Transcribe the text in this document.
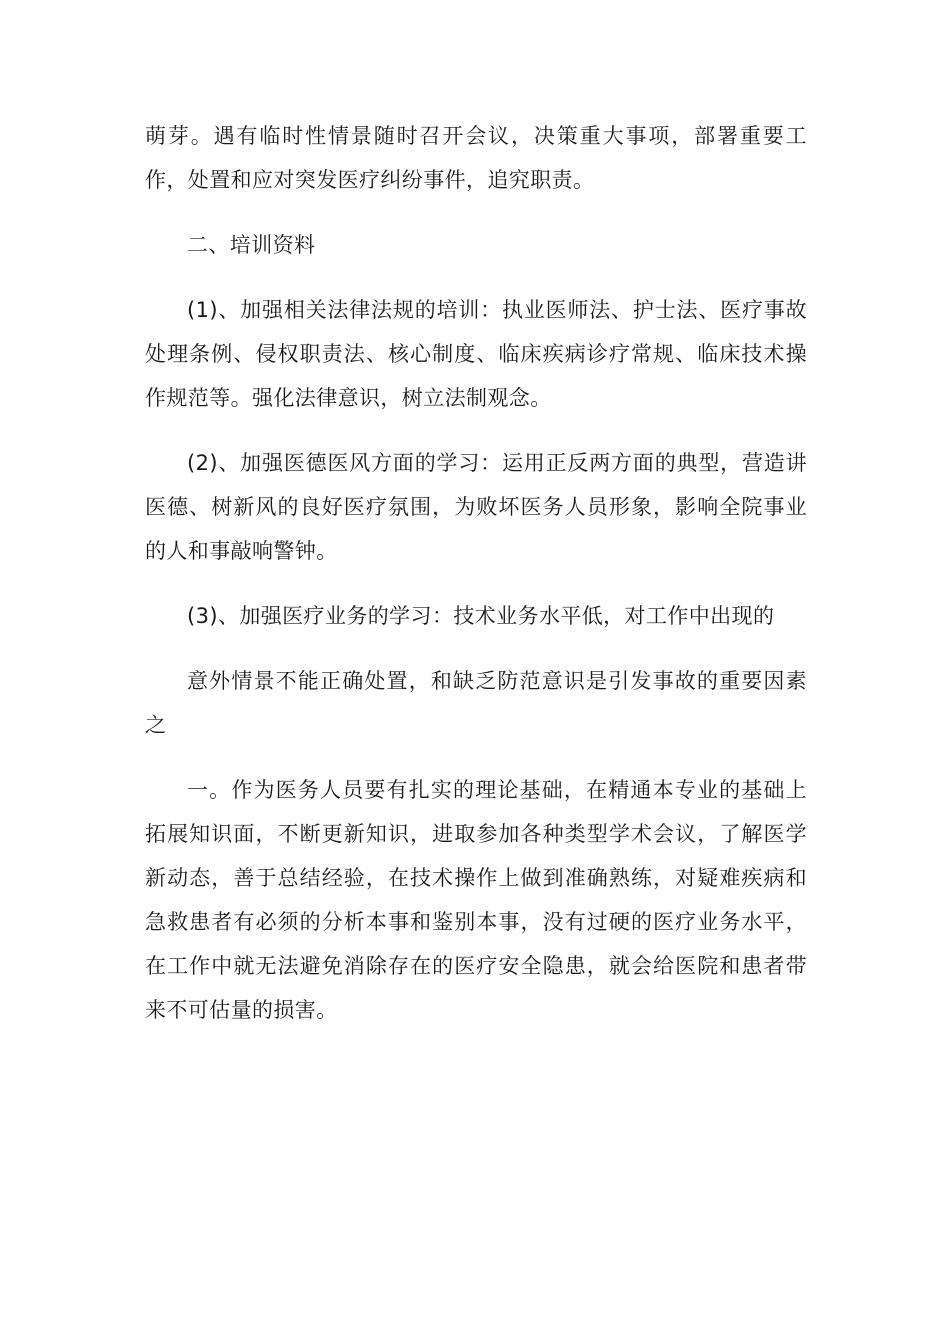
萌芽。遇有临时性情景随时召开会议，决策重大事项，部署重要工作，处置和应对突发医疗纠纷事件，追究职责。

二、培训资料

(1)、加强相关法律法规的培训：执业医师法、护士法、医疗事故处理条例、侵权职责法、核心制度、临床疾病诊疗常规、临床技术操作规范等。强化法律意识，树立法制观念。

(2)、加强医德医风方面的学习：运用正反两方面的典型，营造讲医德、树新风的良好医疗氛围，为败坏医务人员形象，影响全院事业的人和事敲响警钟。

(3)、加强医疗业务的学习：技术业务水平低，对工作中出现的

意外情景不能正确处置，和缺乏防范意识是引发事故的重要因素之

一。作为医务人员要有扎实的理论基础，在精通本专业的基础上拓展知识面，不断更新知识，进取参加各种类型学术会议，了解医学新动态，善于总结经验，在技术操作上做到准确熟练，对疑难疾病和急救患者有必须的分析本事和鉴别本事，没有过硬的医疗业务水平，在工作中就无法避免消除存在的医疗安全隐患，就会给医院和患者带来不可估量的损害。
